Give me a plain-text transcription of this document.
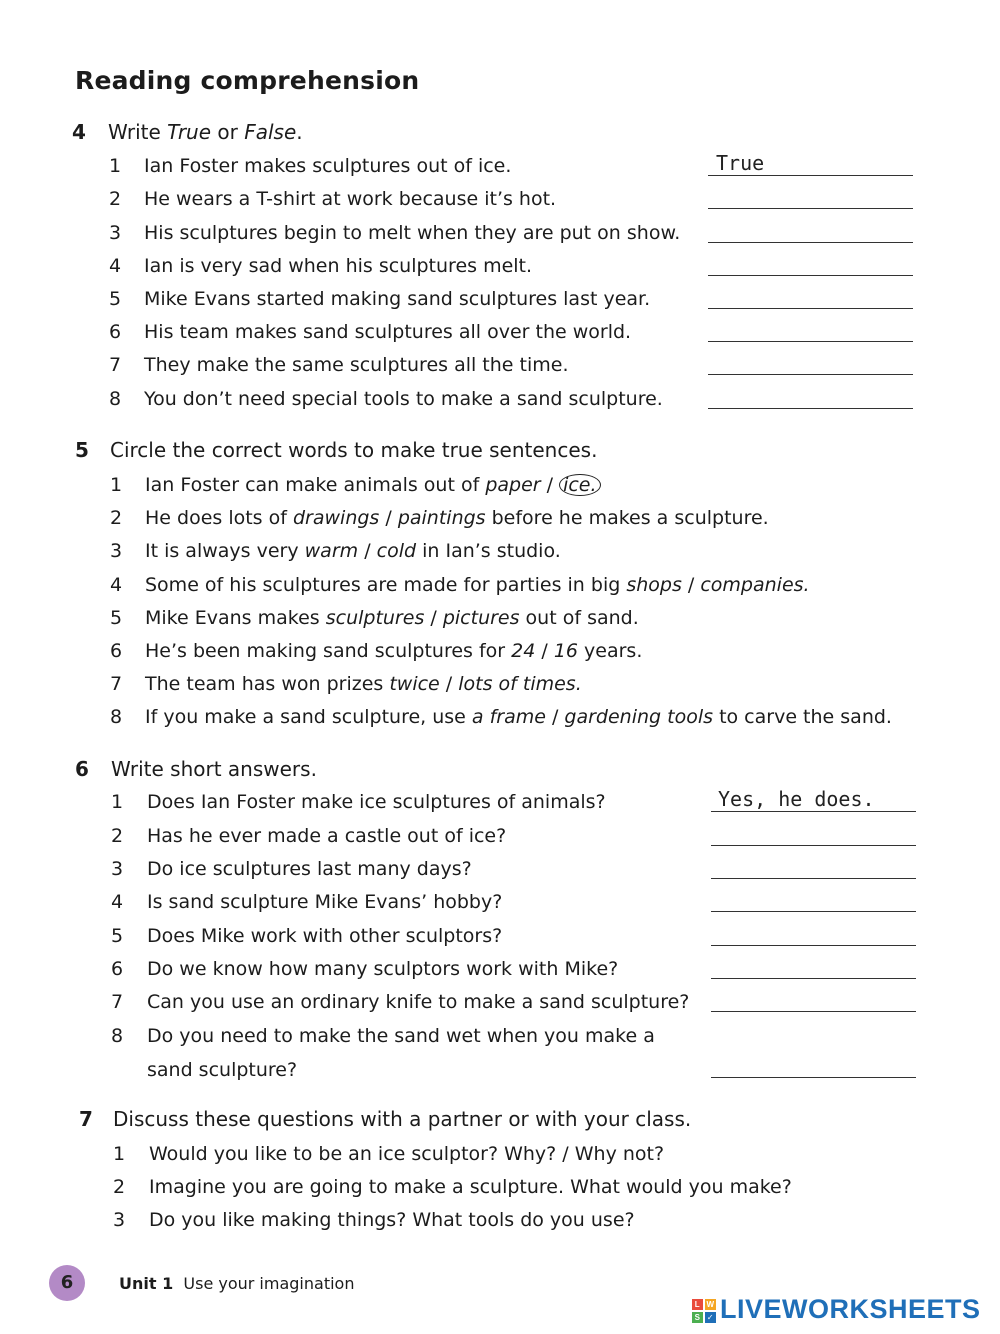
Reading comprehension
4 Write True or False.
1 Ian Foster makes sculptures out of ice.	True
2 He wears a T-shirt at work because it’s hot.
3 His sculptures begin to melt when they are put on show.
4 Ian is very sad when his sculptures melt.
5 Mike Evans started making sand sculptures last year.
6 His team makes sand sculptures all over the world.
7 They make the same sculptures all the time.
8 You don’t need special tools to make a sand sculpture.
5 Circle the correct words to make true sentences.
1 Ian Foster can make animals out of paper / ice.
2 He does lots of drawings / paintings before he makes a sculpture.
3 It is always very warm / cold in Ian’s studio.
4 Some of his sculptures are made for parties in big shops / companies.
5 Mike Evans makes sculptures / pictures out of sand.
6 He’s been making sand sculptures for 24 / 16 years.
7 The team has won prizes twice / lots of times.
8 If you make a sand sculpture, use a frame / gardening tools to carve the sand.
6 Write short answers.
1 Does Ian Foster make ice sculptures of animals?	Yes, he does.
2 Has he ever made a castle out of ice?
3 Do ice sculptures last many days?
4 Is sand sculpture Mike Evans’ hobby?
5 Does Mike work with other sculptors?
6 Do we know how many sculptors work with Mike?
7 Can you use an ordinary knife to make a sand sculpture?
8 Do you need to make the sand wet when you make a
sand sculpture?
7 Discuss these questions with a partner or with your class.
1 Would you like to be an ice sculptor? Why? / Why not?
2 Imagine you are going to make a sculpture. What would you make?
3 Do you like making things? What tools do you use?
6	Unit 1 Use your imagination
L W
S ✓ LIVEWORKSHEETS
